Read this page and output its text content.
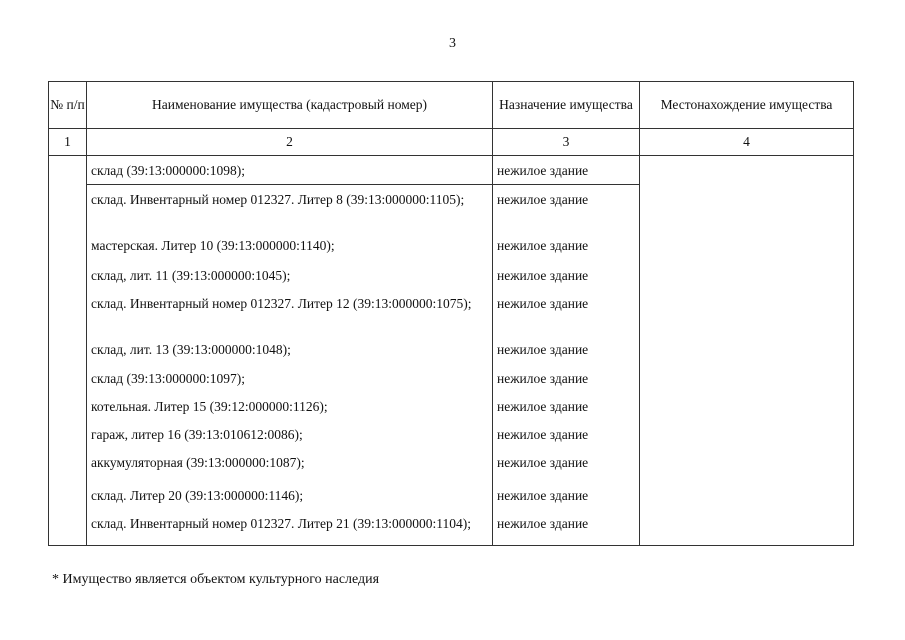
3
№ п/п	Наименование имущества (кадастровый номер)	Назначение имущества	Местонахождение имущества
1	2	3	4
	склад (39:13:000000:1098);	нежилое здание	
	склад. Инвентарный номер 012327. Литер 8 (39:13:000000:1105);	нежилое здание	
	мастерская. Литер 10 (39:13:000000:1140);	нежилое здание	
	склад, лит. 11 (39:13:000000:1045);	нежилое здание	
	склад. Инвентарный номер 012327. Литер 12 (39:13:000000:1075);	нежилое здание	
	склад, лит. 13 (39:13:000000:1048);	нежилое здание	
	склад (39:13:000000:1097);	нежилое здание	
	котельная. Литер 15 (39:12:000000:1126);	нежилое здание	
	гараж, литер 16 (39:13:010612:0086);	нежилое здание	
	аккумуляторная (39:13:000000:1087);	нежилое здание	
	склад. Литер 20 (39:13:000000:1146);	нежилое здание	
	склад. Инвентарный номер 012327. Литер 21 (39:13:000000:1104);	нежилое здание	
* Имущество является объектом культурного наследия
